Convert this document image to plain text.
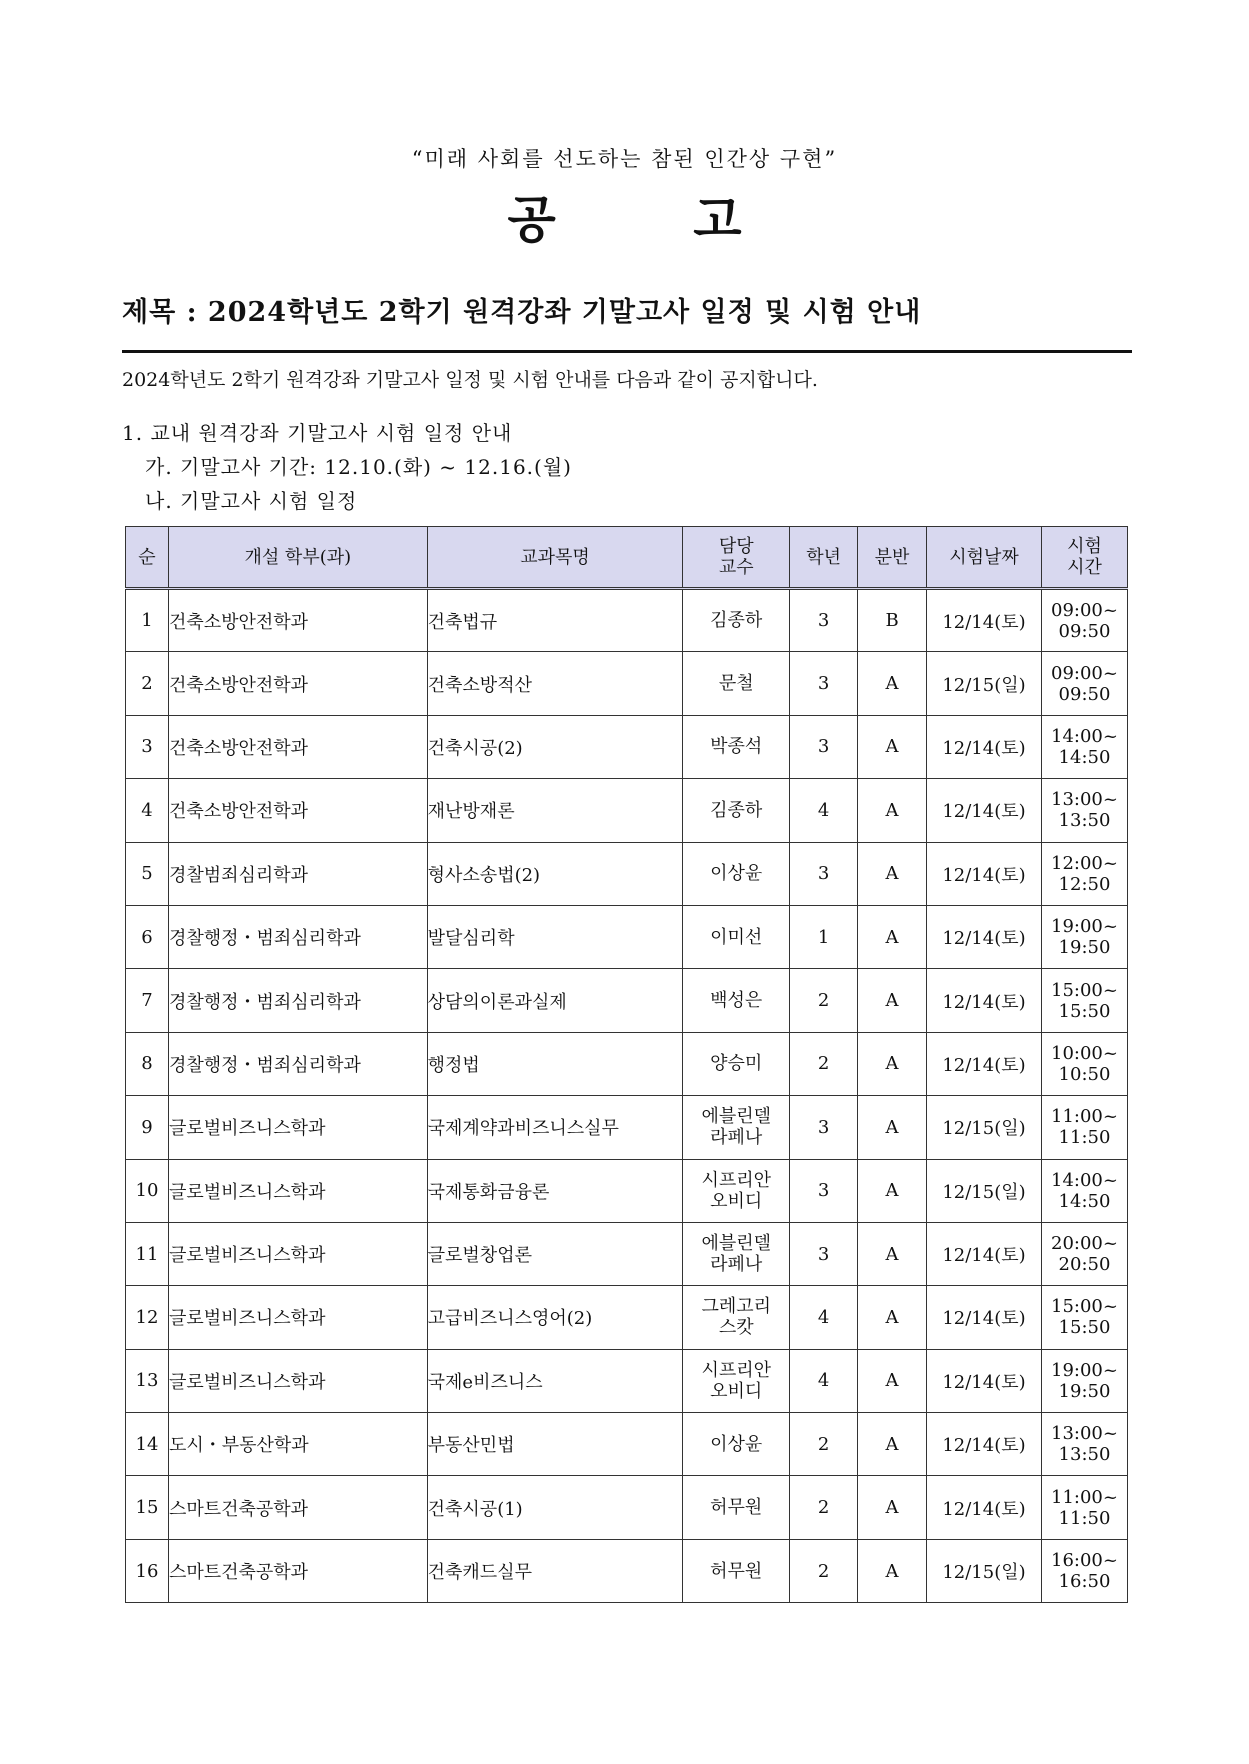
“미래 사회를 선도하는 참된 인간상 구현”
공 고
제목 : 2024학년도 2학기 원격강좌 기말고사 일정 및 시험 안내
2024학년도 2학기 원격강좌 기말고사 일정 및 시험 안내를 다음과 같이 공지합니다.
1. 교내 원격강좌 기말고사 시험 일정 안내
가. 기말고사 기간: 12.10.(화) ~ 12.16.(월)
나. 기말고사 시험 일정
순	개설 학부(과)	교과목명	담당
교수	학년	분반	시험날짜	시험
시간
1	건축소방안전학과	건축법규	김종하	3	B	12/14(토)	09:00~
09:50
2	건축소방안전학과	건축소방적산	문철	3	A	12/15(일)	09:00~
09:50
3	건축소방안전학과	건축시공(2)	박종석	3	A	12/14(토)	14:00~
14:50
4	건축소방안전학과	재난방재론	김종하	4	A	12/14(토)	13:00~
13:50
5	경찰범죄심리학과	형사소송법(2)	이상윤	3	A	12/14(토)	12:00~
12:50
6	경찰행정・범죄심리학과	발달심리학	이미선	1	A	12/14(토)	19:00~
19:50
7	경찰행정・범죄심리학과	상담의이론과실제	백성은	2	A	12/14(토)	15:00~
15:50
8	경찰행정・범죄심리학과	행정법	양승미	2	A	12/14(토)	10:00~
10:50
9	글로벌비즈니스학과	국제계약과비즈니스실무	에블린델
라페나	3	A	12/15(일)	11:00~
11:50
10	글로벌비즈니스학과	국제통화금융론	시프리안
오비디	3	A	12/15(일)	14:00~
14:50
11	글로벌비즈니스학과	글로벌창업론	에블린델
라페나	3	A	12/14(토)	20:00~
20:50
12	글로벌비즈니스학과	고급비즈니스영어(2)	그레고리
스캇	4	A	12/14(토)	15:00~
15:50
13	글로벌비즈니스학과	국제e비즈니스	시프리안
오비디	4	A	12/14(토)	19:00~
19:50
14	도시・부동산학과	부동산민법	이상윤	2	A	12/14(토)	13:00~
13:50
15	스마트건축공학과	건축시공(1)	허무원	2	A	12/14(토)	11:00~
11:50
16	스마트건축공학과	건축캐드실무	허무원	2	A	12/15(일)	16:00~
16:50
